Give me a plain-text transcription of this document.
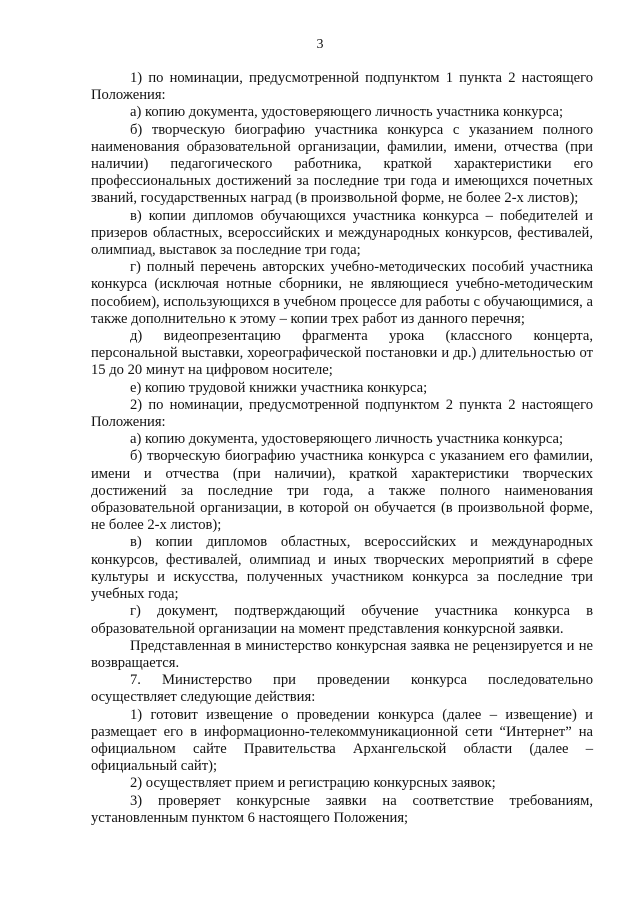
3

1) по номинации, предусмотренной подпунктом 1 пункта 2 настоящего Положения:

а) копию документа, удостоверяющего личность участника конкурса;

б) творческую биографию участника конкурса с указанием полного наименования образовательной организации, фамилии, имени, отчества (при наличии) педагогического работника, краткой характеристики его профессиональных достижений за последние три года и имеющихся почетных званий, государственных наград (в произвольной форме, не более 2-х листов);

в) копии дипломов обучающихся участника конкурса – победителей и призеров областных, всероссийских и международных конкурсов, фестивалей, олимпиад, выставок за последние три года;

г) полный перечень авторских учебно-методических пособий участника конкурса (исключая нотные сборники, не являющиеся учебно-методическим пособием), использующихся в учебном процессе для работы с обучающимися, а также дополнительно к этому – копии трех работ из данного перечня;

д) видеопрезентацию фрагмента урока (классного концерта, персональной выставки, хореографической постановки и др.) длительностью от 15 до 20 минут на цифровом носителе;

е) копию трудовой книжки участника конкурса;

2) по номинации, предусмотренной подпунктом 2 пункта 2 настоящего Положения:

а) копию документа, удостоверяющего личность участника конкурса;

б) творческую биографию участника конкурса с указанием его фамилии, имени и отчества (при наличии), краткой характеристики творческих достижений за последние три года, а также полного наименования образовательной организации, в которой он обучается (в произвольной форме, не более 2-х листов);

в) копии дипломов областных, всероссийских и международных конкурсов, фестивалей, олимпиад и иных творческих мероприятий в сфере культуры и искусства, полученных участником конкурса за последние три учебных года;

г) документ, подтверждающий обучение участника конкурса в образовательной организации на момент представления конкурсной заявки.

Представленная в министерство конкурсная заявка не рецензируется и не возвращается.

7. Министерство при проведении конкурса последовательно осуществляет следующие действия:

1) готовит извещение о проведении конкурса (далее – извещение) и размещает его в информационно-телекоммуникационной сети “Интернет” на официальном сайте Правительства Архангельской области (далее – официальный сайт);

2) осуществляет прием и регистрацию конкурсных заявок;

3) проверяет конкурсные заявки на соответствие требованиям, установленным пунктом 6 настоящего Положения;
